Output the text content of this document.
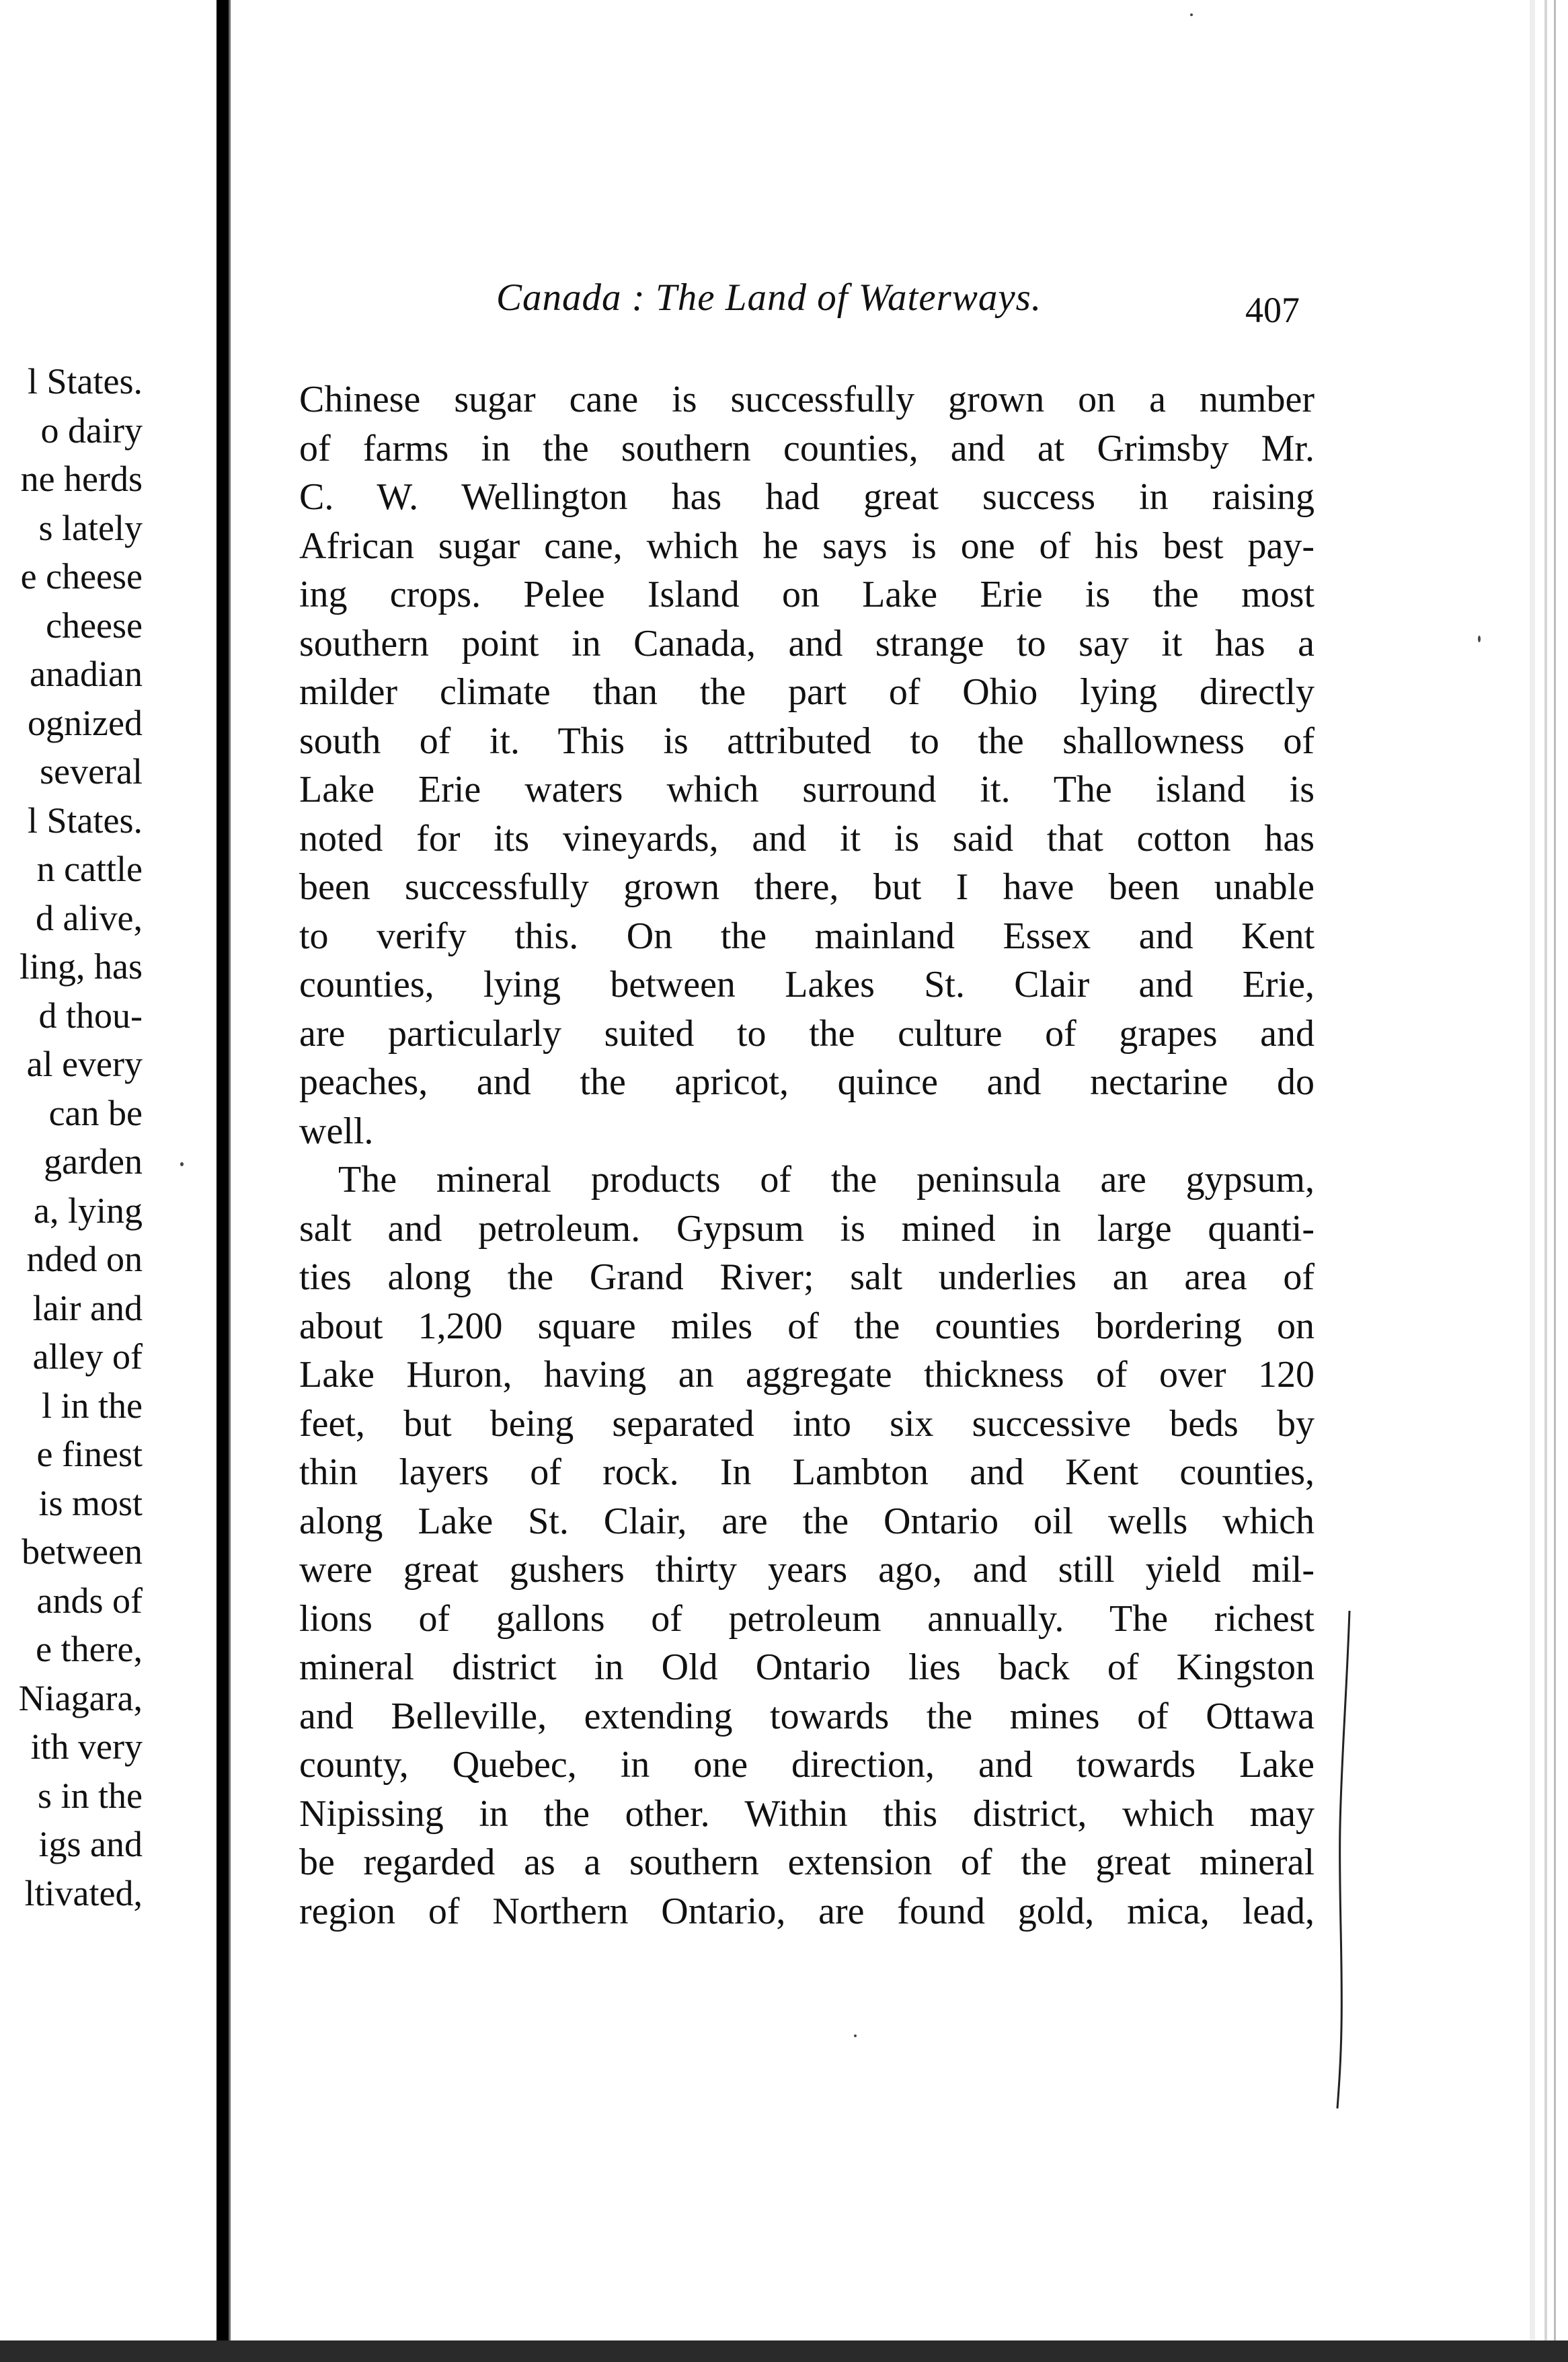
l States.
o dairy
ne herds
s lately
e cheese
cheese
anadian
ognized
several
l States.
n cattle
d alive,
ling, has
d thou-
al every
can be
garden
a, lying
nded on
lair and
alley of
l in the
e finest
is most
between
ands of
e there,
Niagara,
ith very
s in the
igs and
ltivated,
Canada : The Land of Waterways.	407
Chinese sugar cane is successfully grown on a number
of farms in the southern counties, and at Grimsby Mr.
C. W. Wellington has had great success in raising
African sugar cane, which he says is one of his best pay-
ing crops. Pelee Island on Lake Erie is the most
southern point in Canada, and strange to say it has a
milder climate than the part of Ohio lying directly
south of it. This is attributed to the shallowness of
Lake Erie waters which surround it. The island is
noted for its vineyards, and it is said that cotton has
been successfully grown there, but I have been unable
to verify this. On the mainland Essex and Kent
counties, lying between Lakes St. Clair and Erie,
are particularly suited to the culture of grapes and
peaches, and the apricot, quince and nectarine do
well.
The mineral products of the peninsula are gypsum,
salt and petroleum. Gypsum is mined in large quanti-
ties along the Grand River; salt underlies an area of
about 1,200 square miles of the counties bordering on
Lake Huron, having an aggregate thickness of over 120
feet, but being separated into six successive beds by
thin layers of rock. In Lambton and Kent counties,
along Lake St. Clair, are the Ontario oil wells which
were great gushers thirty years ago, and still yield mil-
lions of gallons of petroleum annually. The richest
mineral district in Old Ontario lies back of Kingston
and Belleville, extending towards the mines of Ottawa
county, Quebec, in one direction, and towards Lake
Nipissing in the other. Within this district, which may
be regarded as a southern extension of the great mineral
region of Northern Ontario, are found gold, mica, lead,
